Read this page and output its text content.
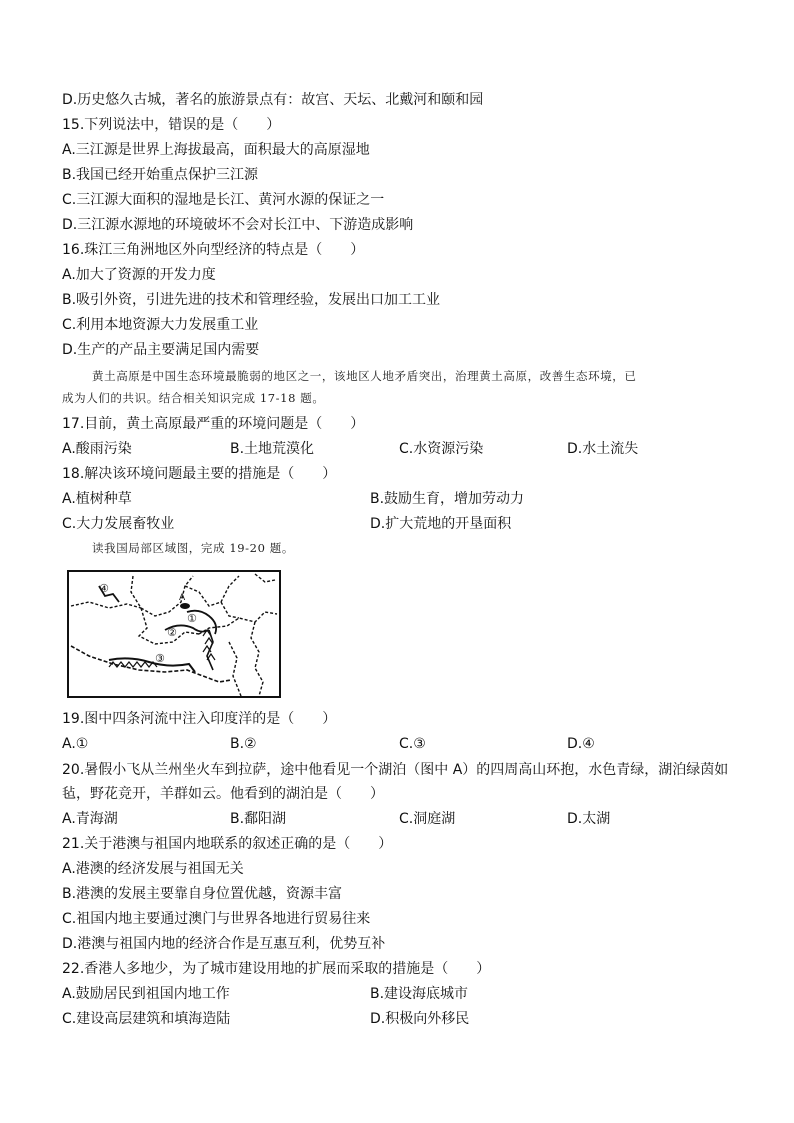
D.历史悠久古城，著名的旅游景点有：故宫、天坛、北戴河和颐和园
15.下列说法中，错误的是（　　）
A.三江源是世界上海拔最高，面积最大的高原湿地
B.我国已经开始重点保护三江源
C.三江源大面积的湿地是长江、黄河水源的保证之一
D.三江源水源地的环境破坏不会对长江中、下游造成影响
16.珠江三角洲地区外向型经济的特点是（　　）
A.加大了资源的开发力度
B.吸引外资，引进先进的技术和管理经验，发展出口加工工业
C.利用本地资源大力发展重工业
D.生产的产品主要满足国内需要
黄土高原是中国生态环境最脆弱的地区之一，该地区人地矛盾突出，治理黄土高原，改善生态环境，已
成为人们的共识。结合相关知识完成 17-18 题。
17.目前，黄土高原最严重的环境问题是（　　）
A.酸雨污染	B.土地荒漠化	C.水资源污染	D.水土流失
18.解决该环境问题最主要的措施是（　　）
A.植树种草	B.鼓励生育，增加劳动力
C.大力发展畜牧业	D.扩大荒地的开垦面积
读我国局部区域图，完成 19-20 题。
A
④
①
②
③
19.图中四条河流中注入印度洋的是（　　）
A.①	B.②	C.③	D.④
20.暑假小飞从兰州坐火车到拉萨，途中他看见一个湖泊（图中 A）的四周高山环抱，水色青绿，湖泊绿茵如
毡，野花竞开，羊群如云。他看到的湖泊是（　　）
A.青海湖	B.鄱阳湖	C.洞庭湖	D.太湖
21.关于港澳与祖国内地联系的叙述正确的是（　　）
A.港澳的经济发展与祖国无关
B.港澳的发展主要靠自身位置优越，资源丰富
C.祖国内地主要通过澳门与世界各地进行贸易往来
D.港澳与祖国内地的经济合作是互惠互利，优势互补
22.香港人多地少，为了城市建设用地的扩展而采取的措施是（　　）
A.鼓励居民到祖国内地工作	B.建设海底城市
C.建设高层建筑和填海造陆	D.积极向外移民
